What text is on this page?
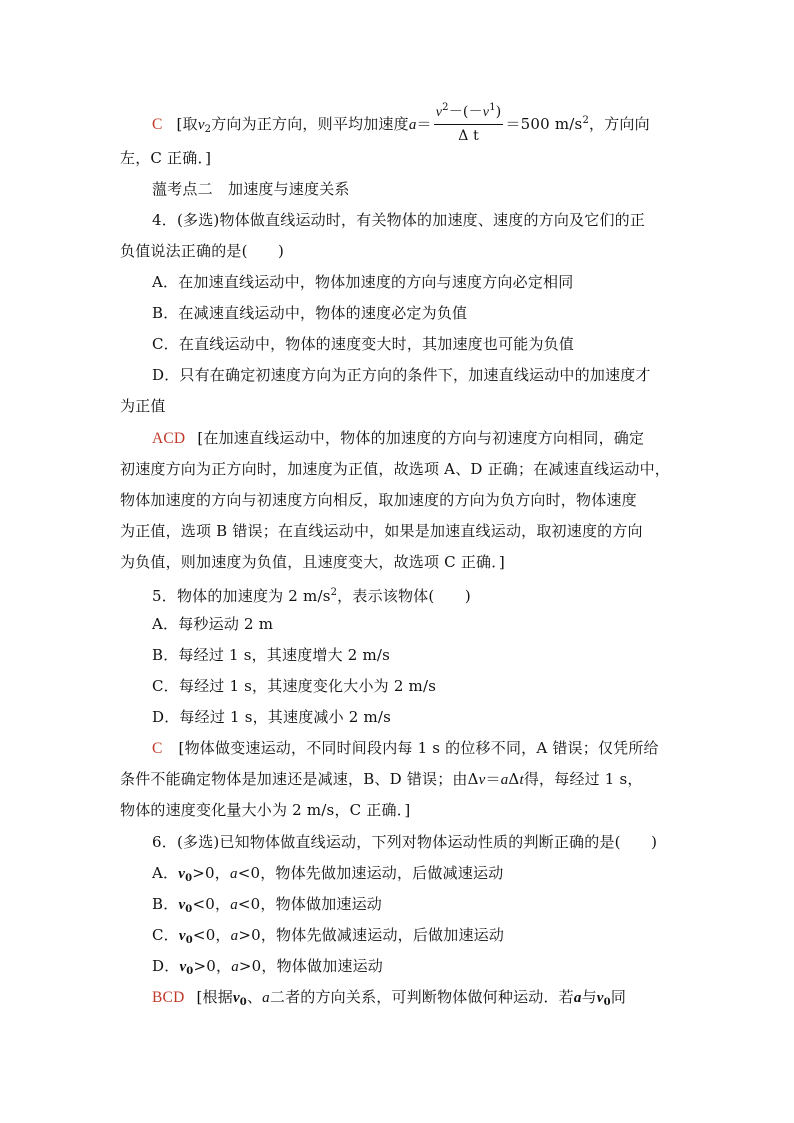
C [取$v_2$方向为正方向，则平均加速度$a= \frac{v^2-(-v^1)}{\text{Δ t}} =500$ $m/s^2$，方向向
左，C 正确．]
薀考点二　加速度与速度关系
4．(多选)物体做直线运动时，有关物体的加速度、速度的方向及它们的正
负值说法正确的是(　　)
A．在加速直线运动中，物体加速度的方向与速度方向必定相同
B．在减速直线运动中，物体的速度必定为负值
C．在直线运动中，物体的速度变大时，其加速度也可能为负值
D．只有在确定初速度方向为正方向的条件下，加速直线运动中的加速度才
为正值
ACD [在加速直线运动中，物体的加速度的方向与初速度方向相同，确定
初速度方向为正方向时，加速度为正值，故选项 A、D 正确；在减速直线运动中，
物体加速度的方向与初速度方向相反，取加速度的方向为负方向时，物体速度
为正值，选项 B 错误；在直线运动中，如果是加速直线运动，取初速度的方向
为负值，则加速度为负值，且速度变大，故选项 C 正确．]
5．物体的加速度为 2 $m/s^2$，表示该物体(　　)
A．每秒运动 2 m
B．每经过 1 s，其速度增大 2 m/s
C．每经过 1 s，其速度变化大小为 2 m/s
D．每经过 1 s，其速度减小 2 m/s
C [物体做变速运动，不同时间段内每 1 s 的位移不同，A 错误；仅凭所给
条件不能确定物体是加速还是减速，B、D 错误；由Δv＝aΔt得，每经过 1 s，
物体的速度变化量大小为 2 m/s，C 正确．]
6．(多选)已知物体做直线运动，下列对物体运动性质的判断正确的是(　　)
A．$v_0>0$，a<0，物体先做加速运动，后做减速运动
B．$v_0<0$，a<0，物体做加速运动
C．$v_0<0$，a>0，物体先做减速运动，后做加速运动
D．$v_0>0$，a>0，物体做加速运动
BCD [根据$v_0$、a二者的方向关系，可判断物体做何种运动．若a与$v_0$同
